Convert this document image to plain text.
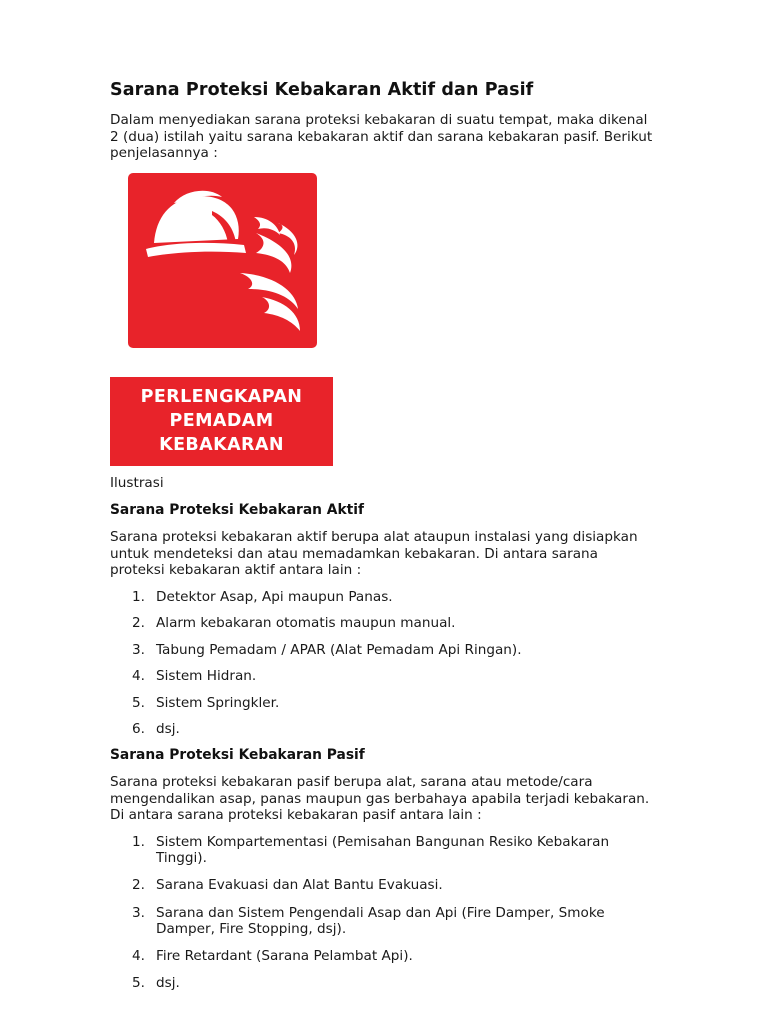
Sarana Proteksi Kebakaran Aktif dan Pasif

Dalam menyediakan sarana proteksi kebakaran di suatu tempat, maka dikenal 2 (dua) istilah yaitu sarana kebakaran aktif dan sarana kebakaran pasif. Berikut penjelasannya :

PERLENGKAPAN
PEMADAM
KEBAKARAN

Ilustrasi

Sarana Proteksi Kebakaran Aktif

Sarana proteksi kebakaran aktif berupa alat ataupun instalasi yang disiapkan untuk mendeteksi dan atau memadamkan kebakaran. Di antara sarana proteksi kebakaran aktif antara lain :

1. Detektor Asap, Api maupun Panas.
2. Alarm kebakaran otomatis maupun manual.
3. Tabung Pemadam / APAR (Alat Pemadam Api Ringan).
4. Sistem Hidran.
5. Sistem Springkler.
6. dsj.
Sarana Proteksi Kebakaran Pasif

Sarana proteksi kebakaran pasif berupa alat, sarana atau metode/cara mengendalikan asap, panas maupun gas berbahaya apabila terjadi kebakaran. Di antara sarana proteksi kebakaran pasif antara lain :

1. Sistem Kompartementasi (Pemisahan Bangunan Resiko Kebakaran Tinggi).
2. Sarana Evakuasi dan Alat Bantu Evakuasi.
3. Sarana dan Sistem Pengendali Asap dan Api (Fire Damper, Smoke Damper, Fire Stopping, dsj).
4. Fire Retardant (Sarana Pelambat Api).
5. dsj.
